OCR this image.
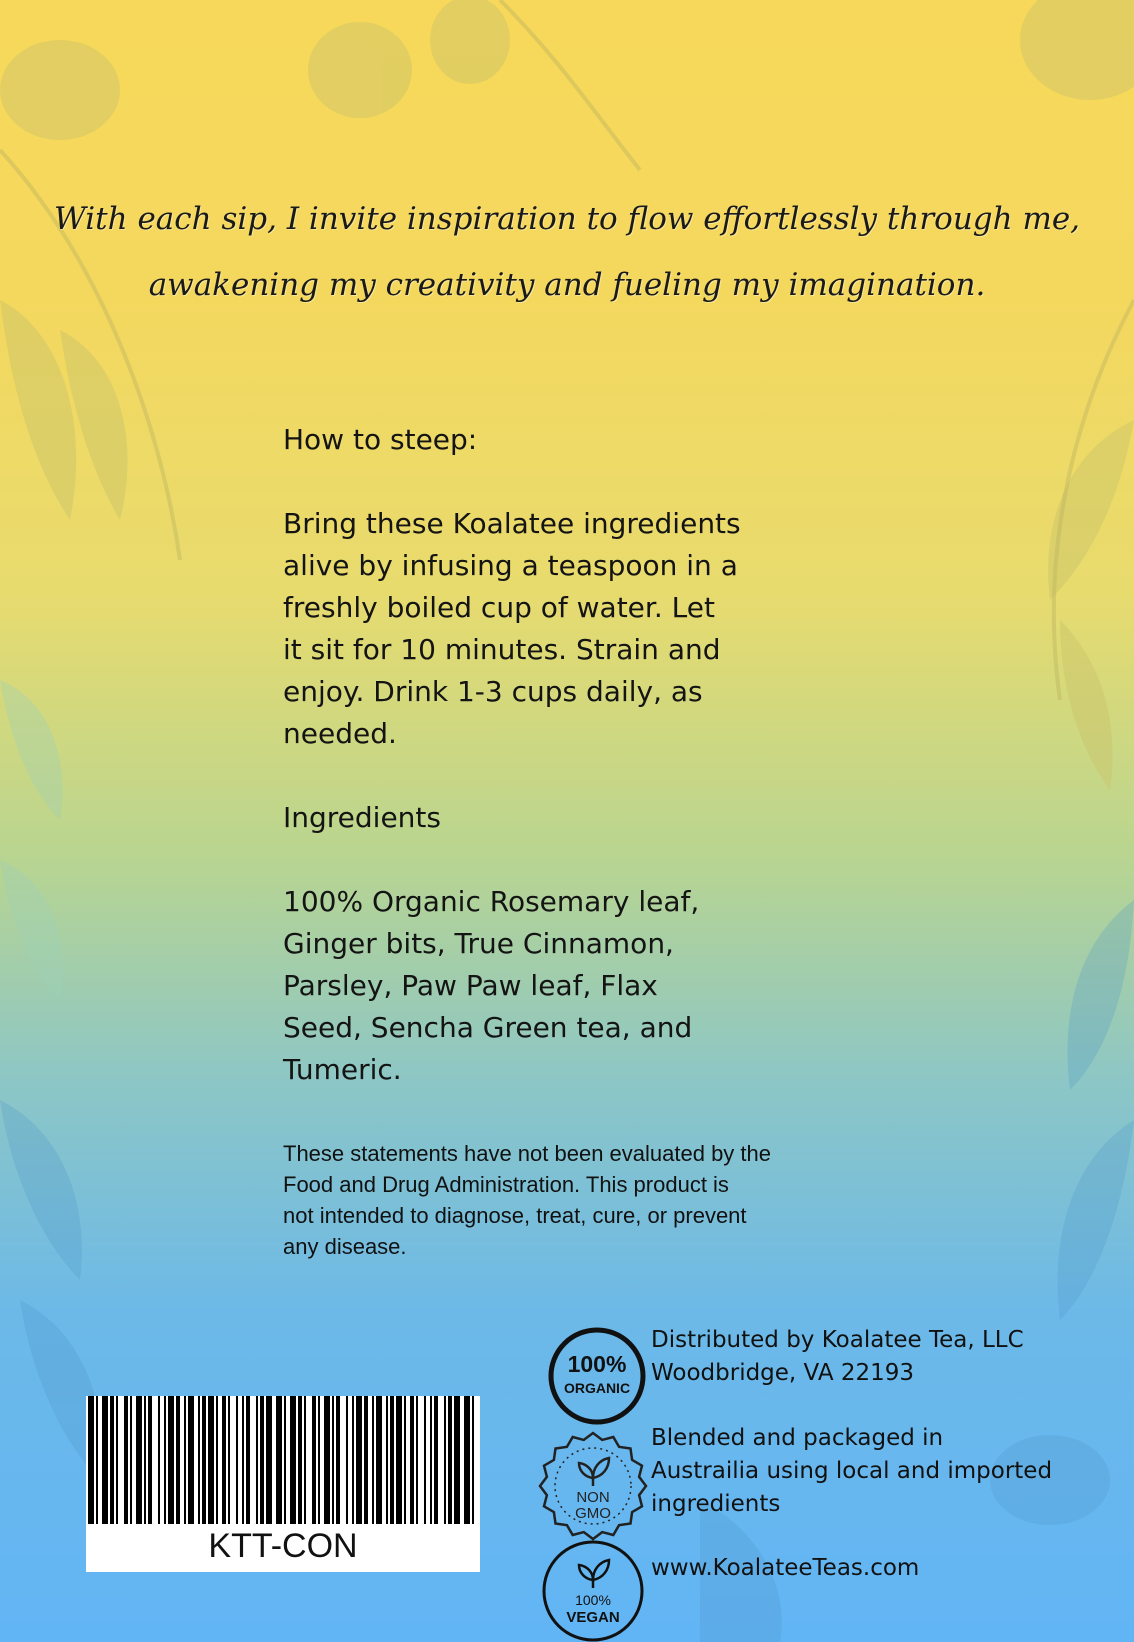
With each sip, I invite inspiration to flow effortlessly through me,
awakening my creativity and fueling my imagination.
How to steep:
Bring these Koalatee ingredients
alive by infusing a teaspoon in a
freshly boiled cup of water. Let
it sit for 10 minutes. Strain and
enjoy. Drink 1-3 cups daily, as
needed.
Ingredients
100% Organic Rosemary leaf,
Ginger bits, True Cinnamon,
Parsley, Paw Paw leaf, Flax
Seed, Sencha Green tea, and
Tumeric.
These statements have not been evaluated by the
Food and Drug Administration. This product is
not intended to diagnose, treat, cure, or prevent
any disease.
KTT-CON
100%
ORGANIC
NON
GMO
100%
VEGAN
Distributed by Koalatee Tea, LLC
Woodbridge, VA 22193
Blended and packaged in
Austrailia using local and imported
ingredients
www.KoalateeTeas.com
